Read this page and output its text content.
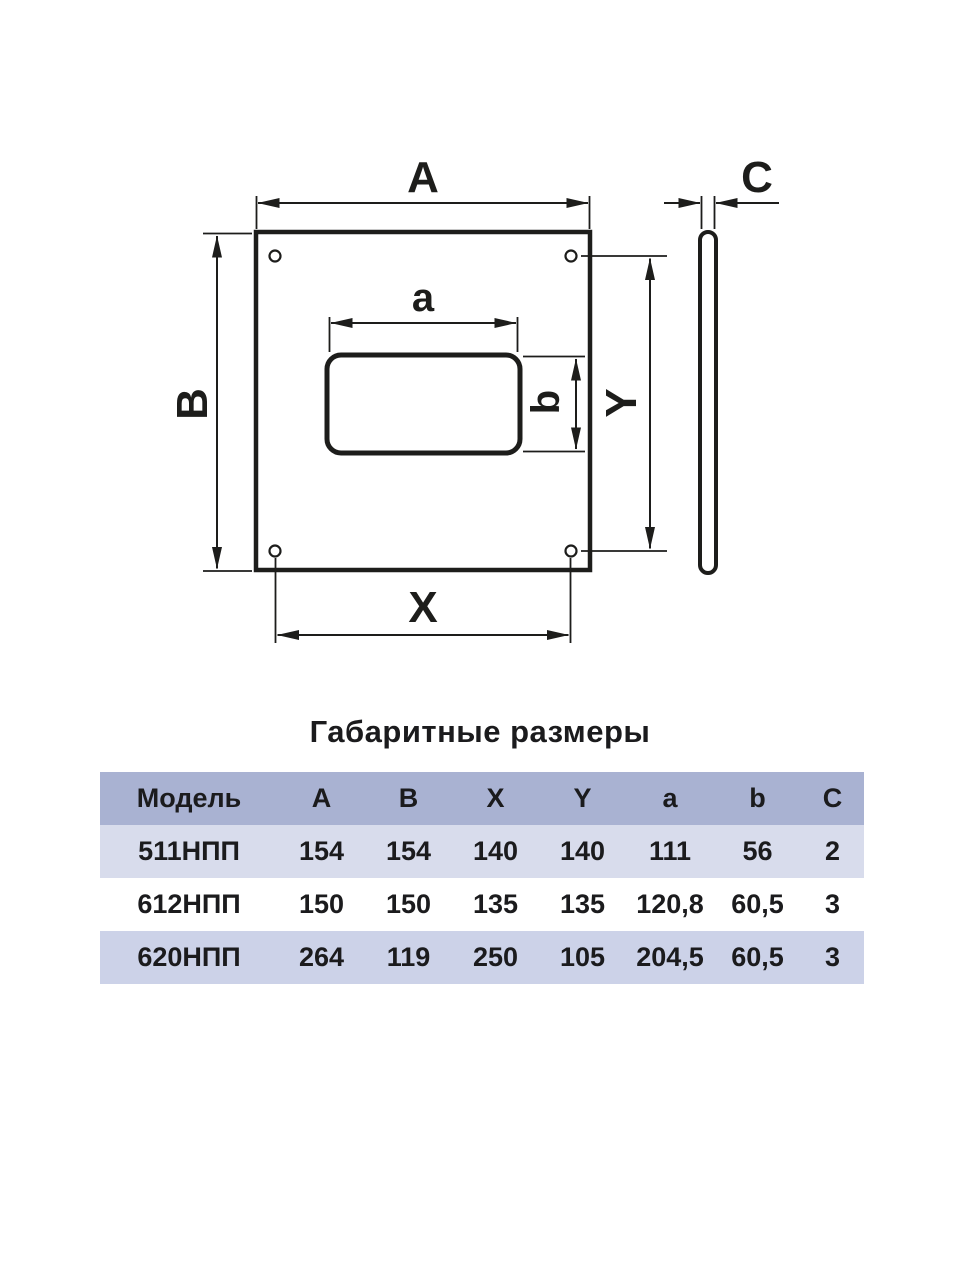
A	C
B	Y
a
b
X
Габаритные размеры
Модель	A	B	X	Y	a	b	C
511НПП	154	154	140	140	111	56	2
612НПП	150	150	135	135	120,8	60,5	3
620НПП	264	119	250	105	204,5	60,5	3
